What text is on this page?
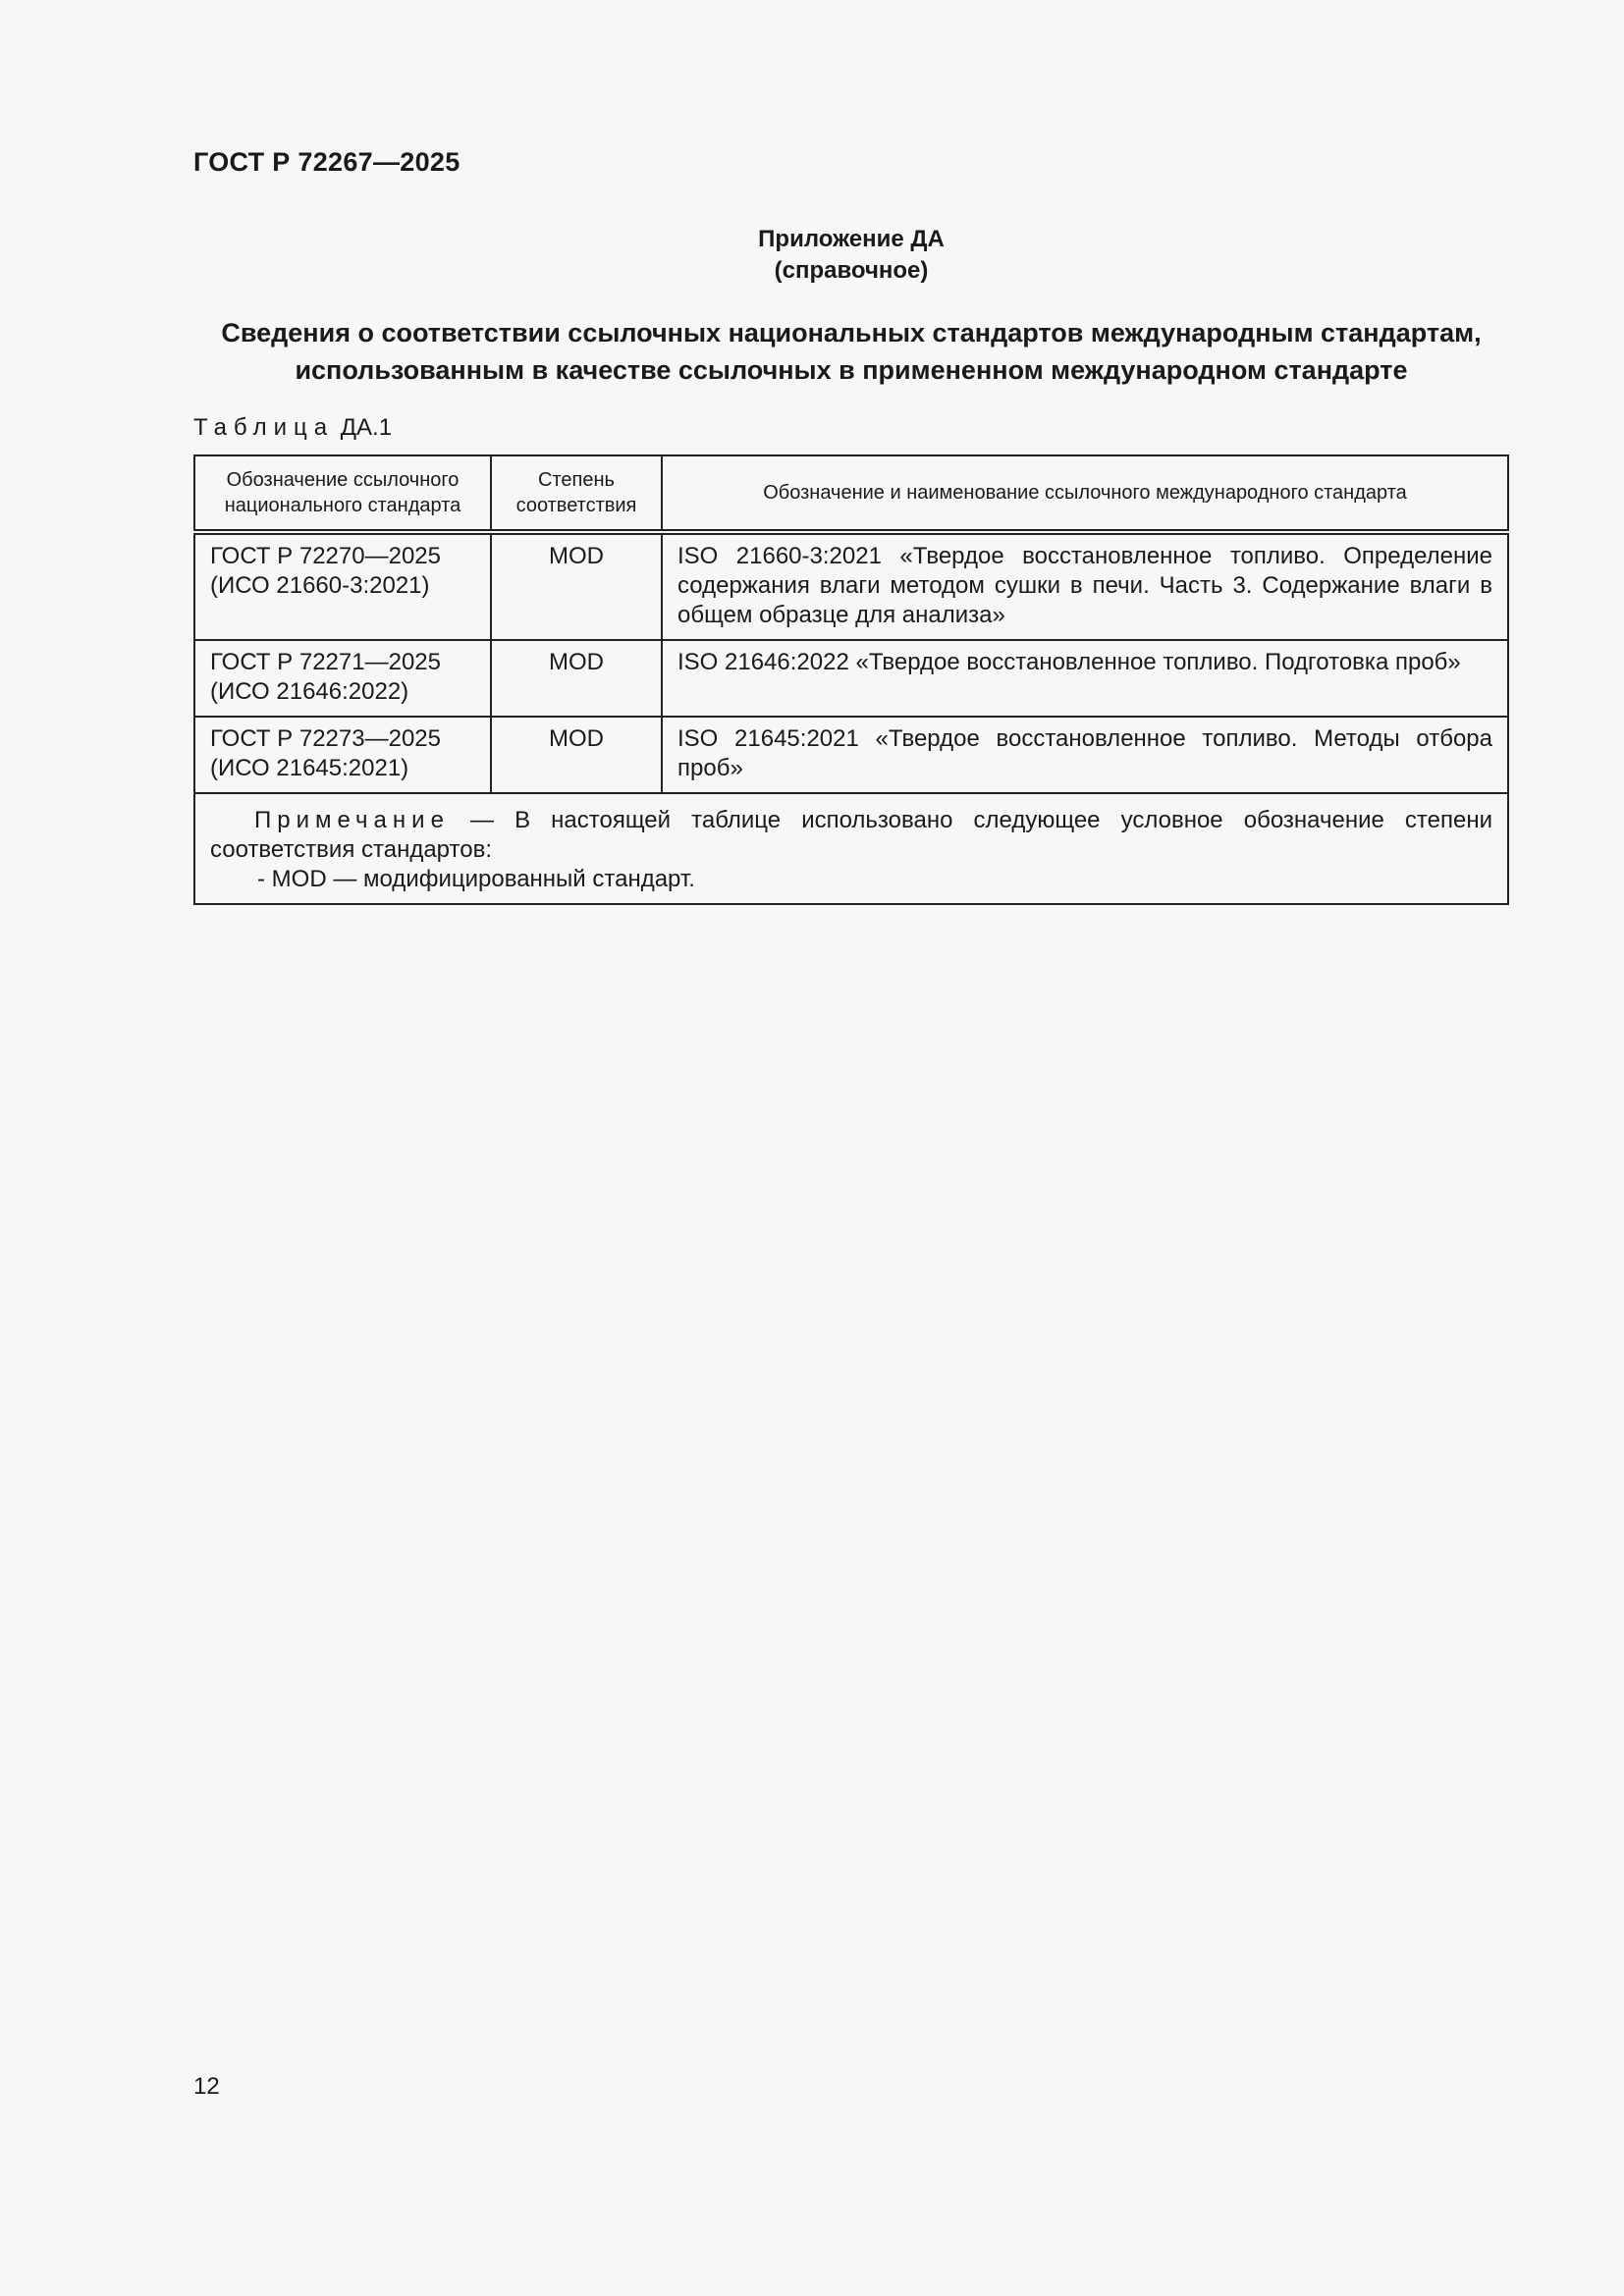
ГОСТ Р 72267—2025
Приложение ДА
(справочное)
Сведения о соответствии ссылочных национальных стандартов международным стандартам,
использованным в качестве ссылочных в примененном международном стандарте
Таблица ДА.1
Обозначение ссылочного национального стандарта	Степень соответствия	Обозначение и наименование ссылочного международного стандарта

ГОСТ Р 72270—2025
(ИСО 21660-3:2021)	MOD	ISO 21660-3:2021 «Твердое восстановленное топливо. Определение содержания влаги методом сушки в печи. Часть 3. Содержание влаги в общем образце для анализа»

ГОСТ Р 72271—2025
(ИСО 21646:2022)	MOD	ISO 21646:2022 «Твердое восстановленное топливо. Подготовка проб»

ГОСТ Р 72273—2025
(ИСО 21645:2021)	MOD	ISO 21645:2021 «Твердое восстановленное топливо. Методы отбора проб»

Примечание — В настоящей таблице использовано следующее условное обозначение степени соответствия стандартов:
- MOD — модифицированный стандарт.		
12
